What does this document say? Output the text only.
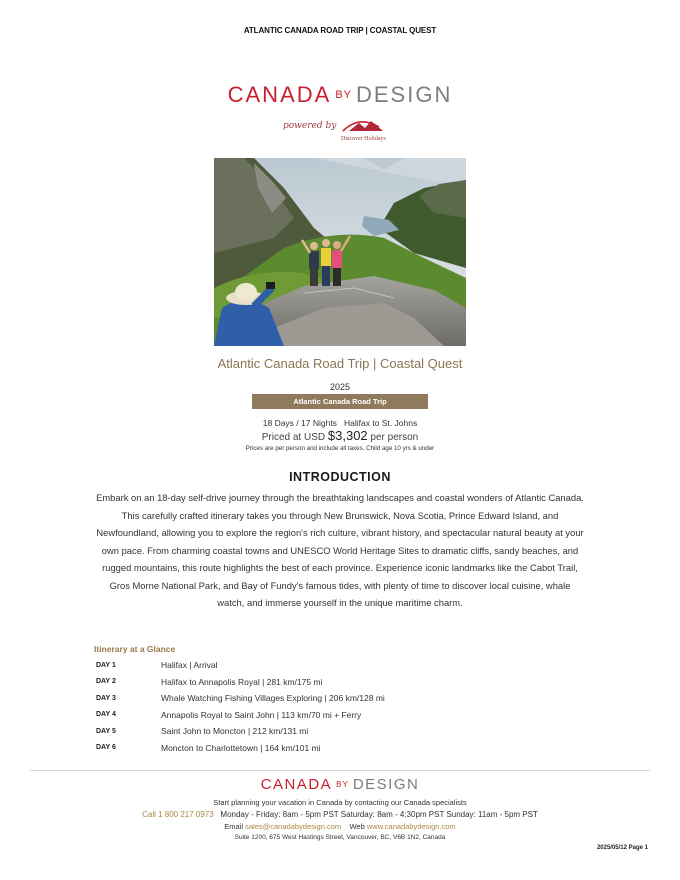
ATLANTIC CANADA ROAD TRIP | COASTAL QUEST
CANADA $^{BY}$ DESIGN
powered by
Discover Holidays
Atlantic Canada Road Trip | Coastal Quest
2025
Atlantic Canada Road Trip
18 Days / 17 Nights   Halifax to St. Johns
Priced at USD $3,302 per person
Prices are per person and include all taxes. Child age 10 yrs & under
INTRODUCTION
Embark on an 18-day self-drive journey through the breathtaking landscapes and coastal wonders of Atlantic Canada. This carefully crafted itinerary takes you through New Brunswick, Nova Scotia, Prince Edward Island, and Newfoundland, allowing you to explore the region's rich culture, vibrant history, and spectacular natural beauty at your own pace. From charming coastal towns and UNESCO World Heritage Sites to dramatic cliffs, sandy beaches, and rugged mountains, this route highlights the best of each province. Experience iconic landmarks like the Cabot Trail, Gros Morne National Park, and Bay of Fundy's famous tides, with plenty of time to discover local cuisine, whale watch, and immerse yourself in the unique maritime charm.
Itinerary at a Glance
DAY 1	Halifax | Arrival
DAY 2	Halifax to Annapolis Royal | 281 km/175 mi
DAY 3	Whale Watching Fishing Villages Exploring | 206 km/128 mi
DAY 4	Annapolis Royal to Saint John | 113 km/70 mi + Ferry
DAY 5	Saint John to Moncton | 212 km/131 mi
DAY 6	Moncton to Charlottetown | 164 km/101 mi
CANADA BY DESIGN
Start planning your vacation in Canada by contacting our Canada specialists
Call 1 800 217 0973   Monday - Friday: 8am - 5pm PST Saturday: 8am - 4:30pm PST Sunday: 11am - 5pm PST
Email sales@canadabydesign.com    Web www.canadabydesign.com
Suite 1200, 675 West Hastings Street, Vancouver, BC, V6B 1N2, Canada
2025/05/12 Page 1
